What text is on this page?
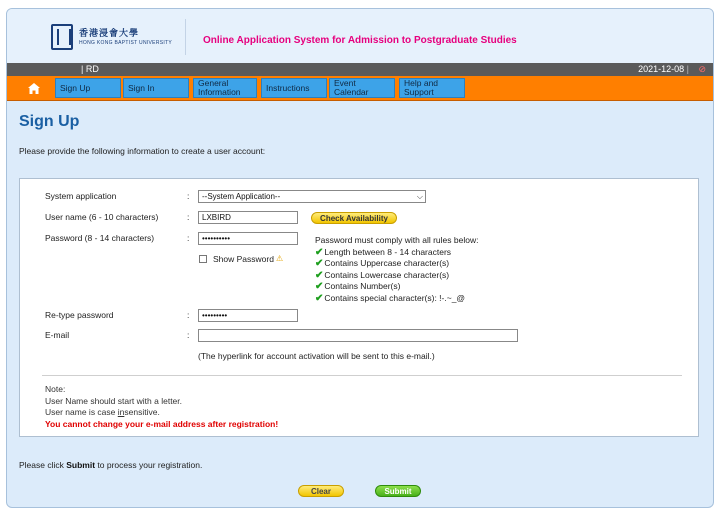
香港浸會大學
HONG KONG BAPTIST UNIVERSITY	Online Application System for Admission to Postgraduate Studies
| RD	2021-12-08 | ⊘
Sign Up	Sign In	General Information	Instructions	Event Calendar
Help and Support
Sign Up
Please provide the following information to create a user account:
System application	:	--System Application--	⌵
User name (6 - 10 characters)	:	LXBIRD	Check Availability
Password (8 - 14 characters)	:	••••••••••
Show Password ⚠
Password must comply with all rules below:
✔ Length between 8 - 14 characters
✔ Contains Uppercase character(s)
✔ Contains Lowercase character(s)
✔ Contains Number(s)
✔ Contains special character(s): !-.~_@
Re-type password	:	•••••••••
E-mail	:
(The hyperlink for account activation will be sent to this e-mail.)
Note:
User Name should start with a letter.
User name is case insensitive.
You cannot change your e-mail address after registration!
Please click Submit to process your registration.
Clear	Submit
